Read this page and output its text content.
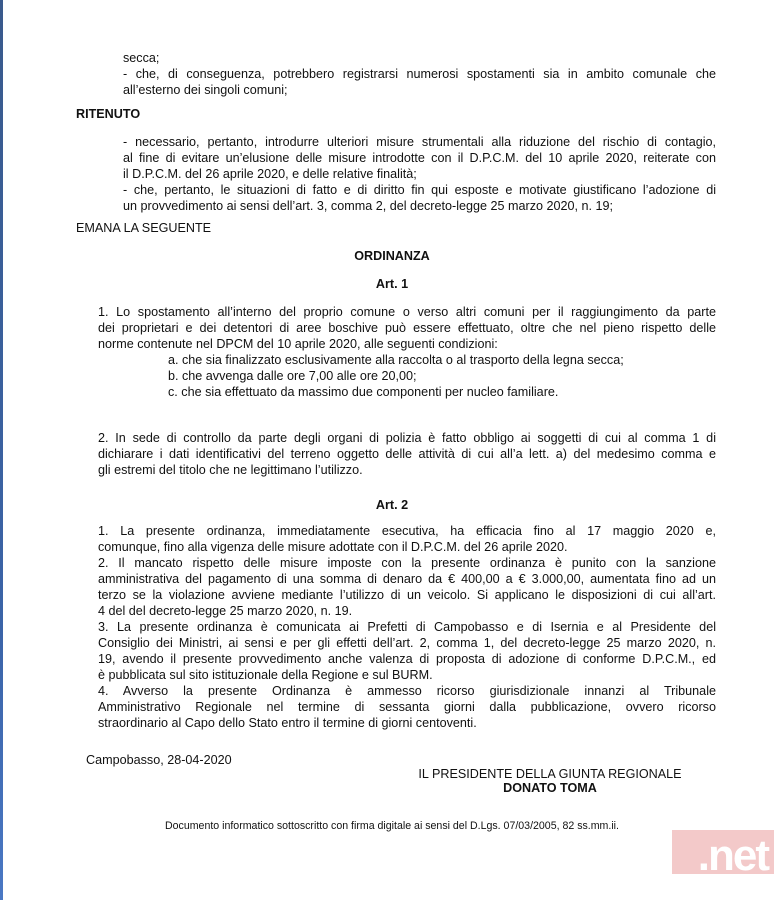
secca;
- che, di conseguenza, potrebbero registrarsi numerosi spostamenti sia in ambito comunale che
all’esterno dei singoli comuni;
RITENUTO
- necessario, pertanto, introdurre ulteriori misure strumentali alla riduzione del rischio di contagio,
al fine di evitare un’elusione delle misure introdotte con il D.P.C.M. del 10 aprile 2020, reiterate con
il D.P.C.M. del 26 aprile 2020, e delle relative finalità;
- che, pertanto, le situazioni di fatto e di diritto fin qui esposte e motivate giustificano l’adozione di
un provvedimento ai sensi dell’art. 3, comma 2, del decreto-legge 25 marzo 2020, n. 19;
EMANA LA SEGUENTE
ORDINANZA
Art. 1
1. Lo spostamento all’interno del proprio comune o verso altri comuni per il raggiungimento da parte
dei proprietari e dei detentori di aree boschive può essere effettuato, oltre che nel pieno rispetto delle
norme contenute nel DPCM del 10 aprile 2020, alle seguenti condizioni:
a. che sia finalizzato esclusivamente alla raccolta o al trasporto della legna secca;
b. che avvenga dalle ore 7,00 alle ore 20,00;
c. che sia effettuato da massimo due componenti per nucleo familiare.
2. In sede di controllo da parte degli organi di polizia è fatto obbligo ai soggetti di cui al comma 1 di
dichiarare i dati identificativi del terreno oggetto delle attività di cui all’a lett. a) del medesimo comma e
gli estremi del titolo che ne legittimano l’utilizzo.
Art. 2
1. La presente ordinanza, immediatamente esecutiva, ha efficacia fino al 17 maggio 2020 e,
comunque, fino alla vigenza delle misure adottate con il D.P.C.M. del 26 aprile 2020.
2. Il mancato rispetto delle misure imposte con la presente ordinanza è punito con la sanzione
amministrativa del pagamento di una somma di denaro da € 400,00 a € 3.000,00, aumentata fino ad un
terzo se la violazione avviene mediante l’utilizzo di un veicolo. Si applicano le disposizioni di cui all’art.
4 del del decreto-legge 25 marzo 2020, n. 19.
3. La presente ordinanza è comunicata ai Prefetti di Campobasso e di Isernia e al Presidente del
Consiglio dei Ministri, ai sensi e per gli effetti dell’art. 2, comma 1, del decreto-legge 25 marzo 2020, n.
19, avendo il presente provvedimento anche valenza di proposta di adozione di conforme D.P.C.M., ed
è pubblicata sul sito istituzionale della Regione e sul BURM.
4. Avverso la presente Ordinanza è ammesso ricorso giurisdizionale innanzi al Tribunale
Amministrativo Regionale nel termine di sessanta giorni dalla pubblicazione, ovvero ricorso
straordinario al Capo dello Stato entro il termine di giorni centoventi.
Campobasso, 28-04-2020
IL PRESIDENTE DELLA GIUNTA REGIONALE
DONATO TOMA
Documento informatico sottoscritto con firma digitale ai sensi del D.Lgs. 07/03/2005, 82 ss.mm.ii.
.net
